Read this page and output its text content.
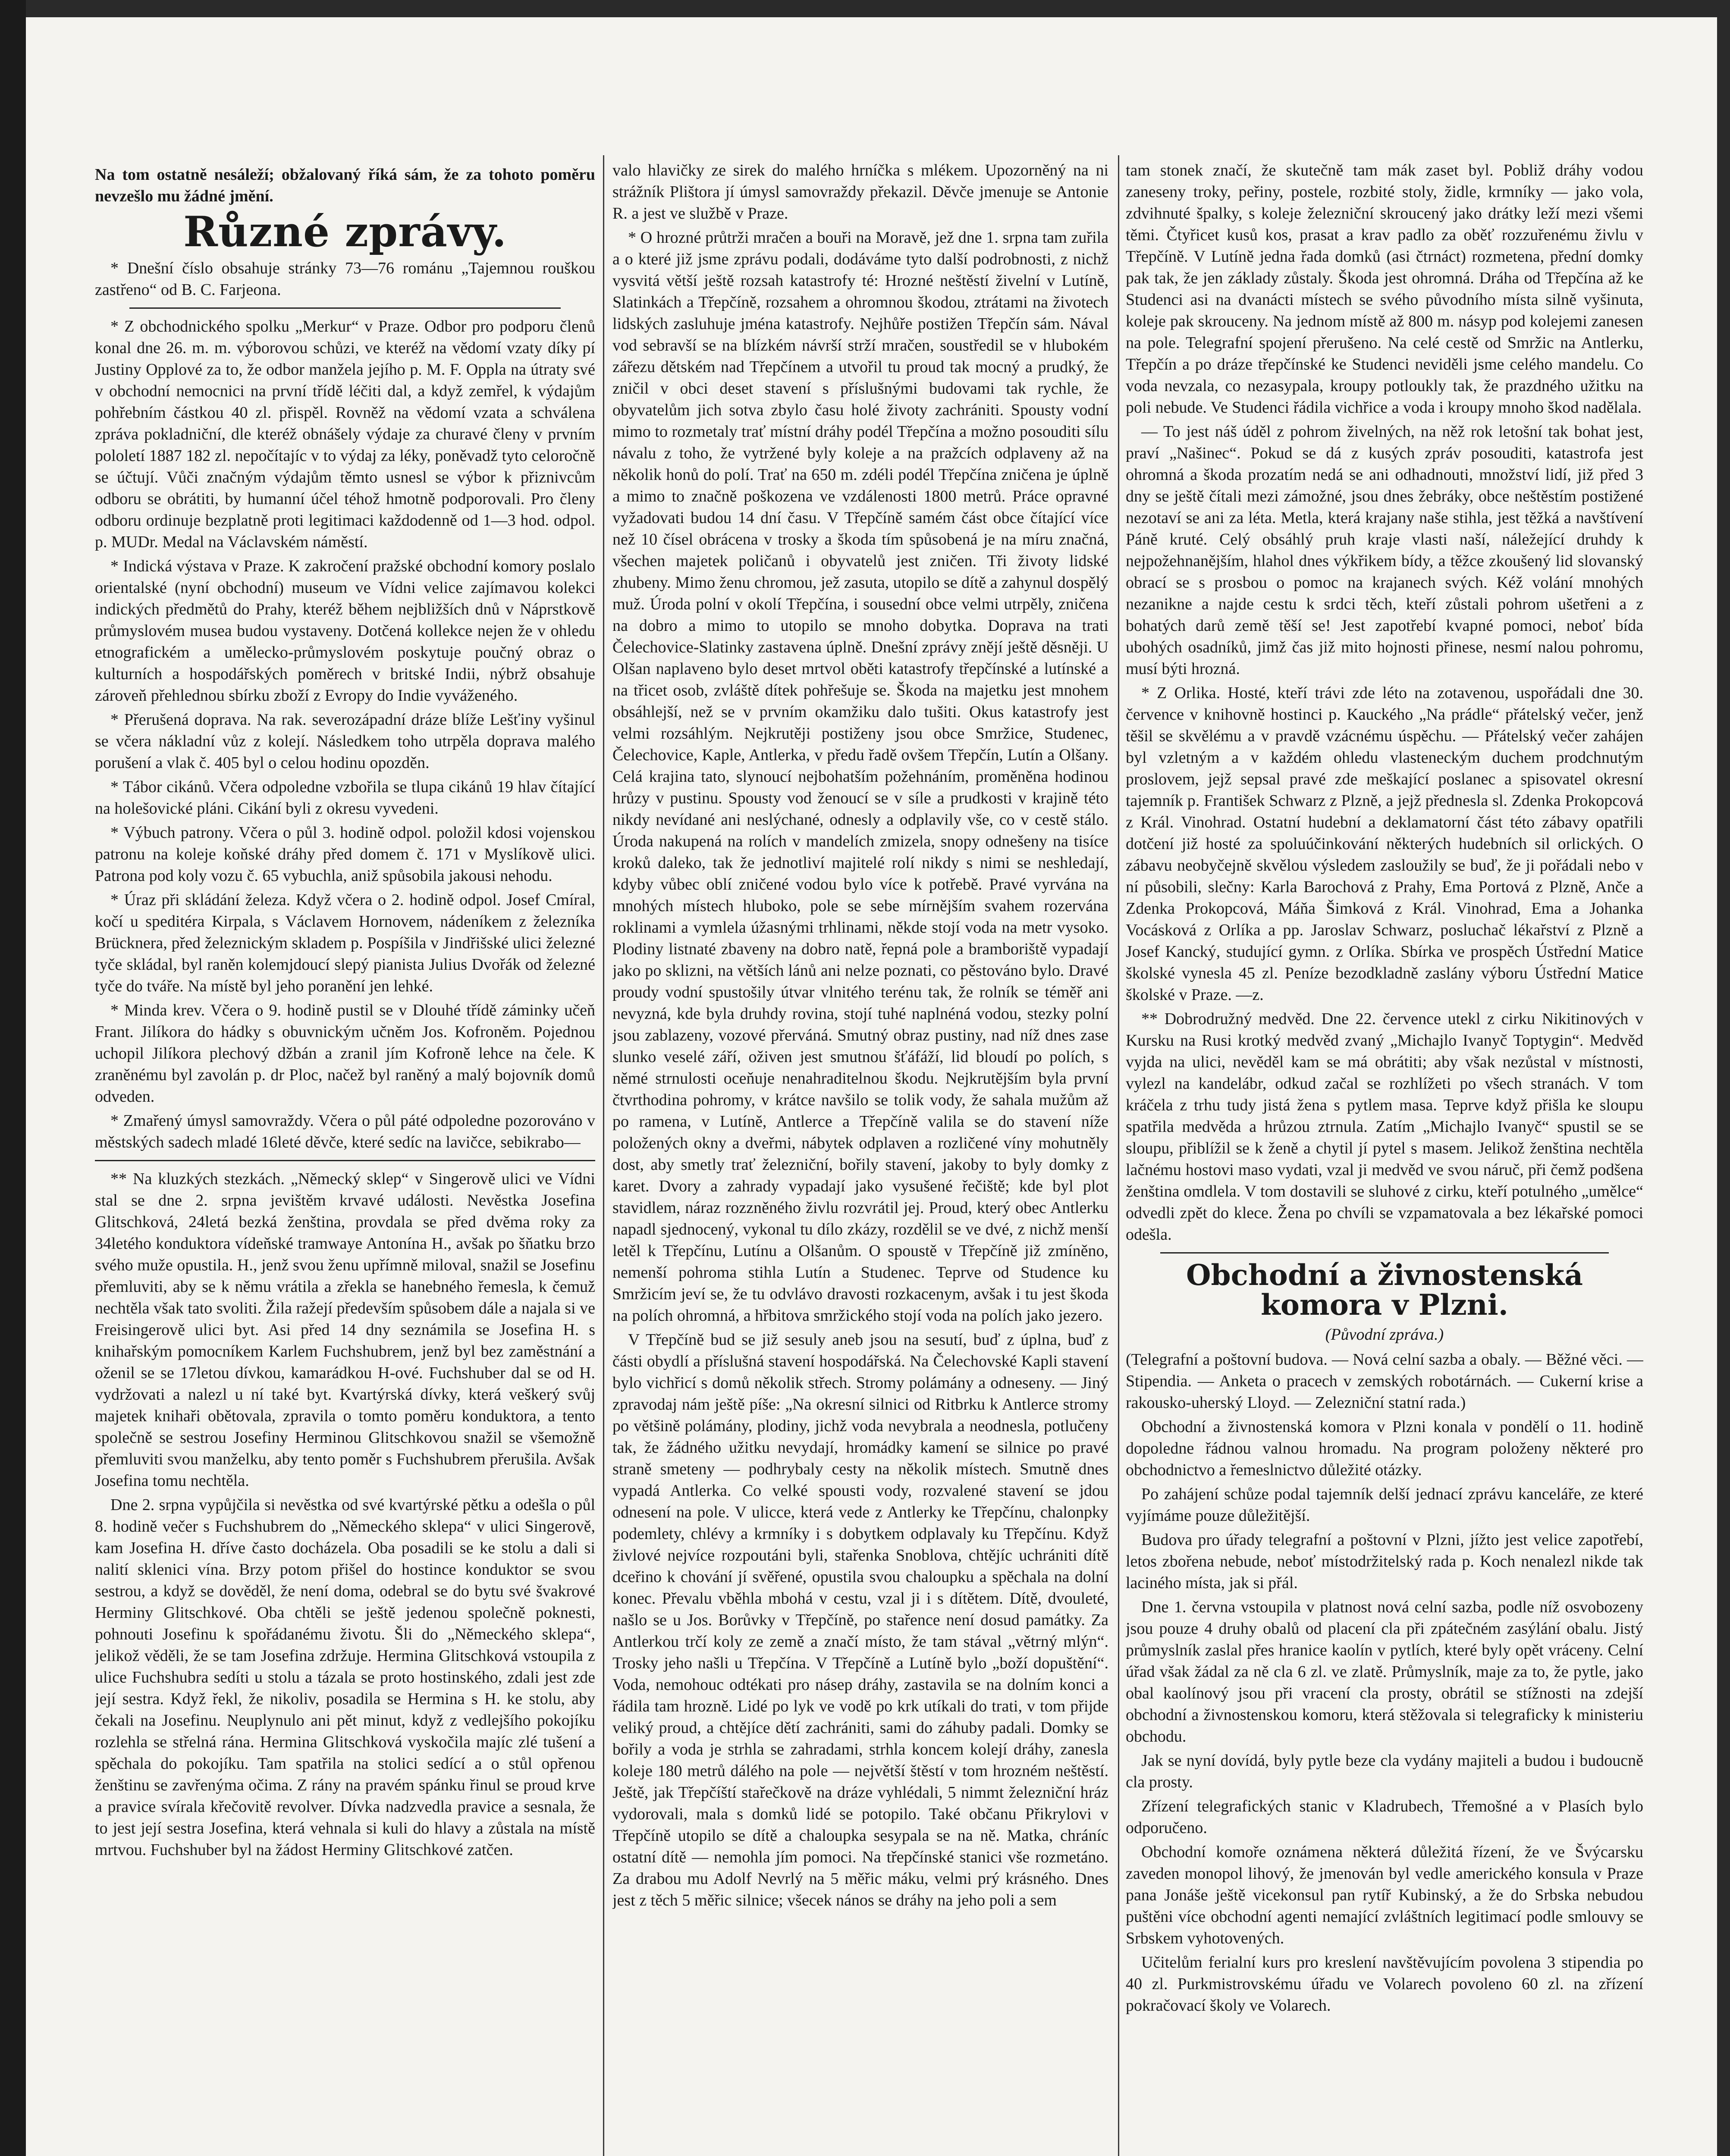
Na tom ostatně nesáleží; obžalovaný říká sám, že za tohoto poměru nevzešlo mu žádné jmění.

Různé zprávy.

* Dnešní číslo obsahuje stránky 73—76 románu „Tajemnou rouškou zastřeno“ od B. C. Farjeona.

* Z obchodnického spolku „Merkur“ v Praze. Odbor pro podporu členů konal dne 26. m. m. výborovou schůzi, ve kteréž na vědomí vzaty díky pí Justiny Opplové za to, že odbor manžela jejího p. M. F. Oppla na útraty své v obchodní nemocnici na první třídě léčiti dal, a když zemřel, k výdajům pohřebním částkou 40 zl. přispěl. Rovněž na vědomí vzata a schválena zpráva pokladniční, dle kteréž obnášely výdaje za churavé členy v prvním pololetí 1887 182 zl. nepočítajíc v to výdaj za léky, poněvadž tyto celoročně se účtují. Vůči značným výdajům těmto usnesl se výbor k přiznivcům odboru se obrátiti, by humanní účel téhož hmotně podporovali. Pro členy odboru ordinuje bezplatně proti legitimaci každodenně od 1—3 hod. odpol. p. MUDr. Medal na Václavském náměstí.

* Indická výstava v Praze. K zakročení pražské obchodní komory poslalo orientalské (nyní obchodní) museum ve Vídni velice zajímavou kolekci indických předmětů do Prahy, kteréž během nejbližších dnů v Náprstkově průmyslovém musea budou vystaveny. Dotčená kollekce nejen že v ohledu etnografickém a umělecko-průmyslovém poskytuje poučný obraz o kulturních a hospodářských poměrech v britské Indii, nýbrž obsahuje zároveň přehlednou sbírku zboží z Evropy do Indie vyváženého.

* Přerušená doprava. Na rak. severozápadní dráze blíže Lešťiny vyšinul se včera nákladní vůz z kolejí. Následkem toho utrpěla doprava malého porušení a vlak č. 405 byl o celou hodinu opozděn.

* Tábor cikánů. Včera odpoledne vzbořila se tlupa cikánů 19 hlav čítající na holešovické pláni. Cikání byli z okresu vyvedeni.

* Výbuch patrony. Včera o půl 3. hodině odpol. položil kdosi vojenskou patronu na koleje koňské dráhy před domem č. 171 v Myslíkově ulici. Patrona pod koly vozu č. 65 vybuchla, aniž spůsobila jakousi nehodu.

* Úraz při skládání železa. Když včera o 2. hodině odpol. Josef Cmíral, kočí u speditéra Kirpala, s Václavem Hornovem, nádeníkem z železníka Brücknera, před železnickým skladem p. Pospíšila v Jindřišské ulici železné tyče skládal, byl raněn kolemjdoucí slepý pianista Julius Dvořák od železné tyče do tváře. Na místě byl jeho poranění jen lehké.

* Minda krev. Včera o 9. hodině pustil se v Dlouhé třídě záminky učeň Frant. Jilíkora do hádky s obuvnickým učněm Jos. Kofroněm. Pojednou uchopil Jilíkora plechový džbán a zranil jím Kofroně lehce na čele. K zraněnému byl zavolán p. dr Ploc, načež byl raněný a malý bojovník domů odveden.

* Zmařený úmysl samovraždy. Včera o půl páté odpoledne pozorováno v městských sadech mladé 16leté děvče, které sedíc na lavičce, sebikrabo—

** Na kluzkých stezkách. „Německý sklep“ v Singerově ulici ve Vídni stal se dne 2. srpna jevištěm krvavé události. Nevěstka Josefina Glitschková, 24letá bezká ženština, provdala se před dvěma roky za 34letého konduktora vídeňské tramwaye Antonína H., avšak po šňatku brzo svého muže opustila. H., jenž svou ženu upřímně miloval, snažil se Josefinu přemluviti, aby se k němu vrátila a zřekla se hanebného řemesla, k čemuž nechtěla však tato svoliti. Žila ražejí především spůsobem dále a najala si ve Freisingerově ulici byt. Asi před 14 dny seznámila se Josefina H. s knihařským pomocníkem Karlem Fuchshubrem, jenž byl bez zaměstnání a oženil se se 17letou dívkou, kamarádkou H-ové. Fuchshuber dal se od H. vydržovati a nalezl u ní také byt. Kvartýrská dívky, která veškerý svůj majetek knihaři obětovala, zpravila o tomto poměru konduktora, a tento společně se sestrou Josefiny Herminou Glitschkovou snažil se všemožně přemluviti svou manželku, aby tento poměr s Fuchshubrem přerušila. Avšak Josefina tomu nechtěla.

Dne 2. srpna vypůjčila si nevěstka od své kvartýrské pětku a odešla o půl 8. hodině večer s Fuchshubrem do „Německého sklepa“ v ulici Singerově, kam Josefina H. dříve často docházela. Oba posadili se ke stolu a dali si nalití sklenici vína. Brzy potom přišel do hostince konduktor se svou sestrou, a když se dověděl, že není doma, odebral se do bytu své švakrové Herminy Glitschkové. Oba chtěli se ještě jedenou společně poknesti, pohnouti Josefinu k spořádanému životu. Šli do „Německého sklepa“, jelikož věděli, že se tam Josefina zdržuje. Hermina Glitschková vstoupila z ulice Fuchshubra sedíti u stolu a tázala se proto hostinského, zdali jest zde její sestra. Když řekl, že nikoliv, posadila se Hermina s H. ke stolu, aby čekali na Josefinu. Neuplynulo ani pět minut, když z vedlejšího pokojíku rozlehla se střelná rána. Hermina Glitschková vyskočila majíc zlé tušení a spěchala do pokojíku. Tam spatřila na stolici sedící a o stůl opřenou ženštinu se zavřenýma očima. Z rány na pravém spánku řinul se proud krve a pravice svírala křečovitě revolver. Dívka nadzvedla pravice a sesnala, že to jest její sestra Josefina, která vehnala si kuli do hlavy a zůstala na místě mrtvou. Fuchshuber byl na žádost Herminy Glitschkové zatčen.

valo hlavičky ze sirek do malého hrníčka s mlékem. Upozorněný na ni strážník Plištora jí úmysl samovraždy překazil. Děvče jmenuje se Antonie R. a jest ve službě v Praze.

* O hrozné průtrži mračen a bouři na Moravě, jež dne 1. srpna tam zuřila a o které již jsme zprávu podali, dodáváme tyto další podrobnosti, z nichž vysvitá větší ještě rozsah katastrofy té: Hrozné neštěstí živelní v Lutíně, Slatinkách a Třepčíně, rozsahem a ohromnou škodou, ztrátami na životech lidských zasluhuje jména katastrofy. Nejhůře postižen Třepčín sám. Nával vod sebravší se na blízkém návrší strží mračen, soustředil se v hlubokém zářezu dětském nad Třepčínem a utvořil tu proud tak mocný a prudký, že zničil v obci deset stavení s příslušnými budovami tak rychle, že obyvatelům jich sotva zbylo času holé životy zachrániti. Spousty vodní mimo to rozmetaly trať místní dráhy podél Třepčína a možno posouditi sílu návalu z toho, že vytržené byly koleje a na pražcích odplaveny až na několik honů do polí. Trať na 650 m. zdéli podél Třepčína zničena je úplně a mimo to značně poškozena ve vzdálenosti 1800 metrů. Práce opravné vyžadovati budou 14 dní času. V Třepčíně samém část obce čítající více než 10 čísel obrácena v trosky a škoda tím spůsobená je na míru značná, všechen majetek poličanů i obyvatelů jest zničen. Tři životy lidské zhubeny. Mimo ženu chromou, jež zasuta, utopilo se dítě a zahynul dospělý muž. Úroda polní v okolí Třepčína, i sousední obce velmi utrpěly, zničena na dobro a mimo to utopilo se mnoho dobytka. Doprava na trati Čelechovice-Slatinky zastavena úplně. Dnešní zprávy znějí ještě děsněji. U Olšan naplaveno bylo deset mrtvol oběti katastrofy třepčínské a lutínské a na třicet osob, zvláště dítek pohřešuje se. Škoda na majetku jest mnohem obsáhlejší, než se v prvním okamžiku dalo tušiti. Okus katastrofy jest velmi rozsáhlým. Nejkrutěji postiženy jsou obce Smržice, Studenec, Čelechovice, Kaple, Antlerka, v předu řadě ovšem Třepčín, Lutín a Olšany. Celá krajina tato, slynoucí nejbohatším požehnáním, proměněna hodinou hrůzy v pustinu. Spousty vod ženoucí se v síle a prudkosti v krajině této nikdy nevídané ani neslýchané, odnesly a odplavily vše, co v cestě stálo. Úroda nakupená na rolích v mandelích zmizela, snopy odnešeny na tisíce kroků daleko, tak že jednotliví majitelé rolí nikdy s nimi se neshledají, kdyby vůbec oblí zničené vodou bylo více k potřebě. Pravé vyrvána na mnohých místech hluboko, pole se sebe mírnějším svahem rozervána roklinami a vymlela úžasnými trhlinami, někde stojí voda na metr vysoko. Plodiny listnaté zbaveny na dobro natě, řepná pole a bramboriště vypadají jako po sklizni, na větších lánů ani nelze poznati, co pěstováno bylo. Dravé proudy vodní spustošily útvar vlnitého terénu tak, že rolník se téměř ani nevyzná, kde byla druhdy rovina, stojí tuhé naplnéná vodou, stezky polní jsou zablazeny, vozové přerváná. Smutný obraz pustiny, nad níž dnes zase slunko veselé září, oživen jest smutnou šťáfáží, lid bloudí po polích, s němé strnulosti oceňuje nenahraditelnou škodu. Nejkrutějším byla první čtvrthodina pohromy, v krátce navšilo se tolik vody, že sahala mužům až po ramena, v Lutíně, Antlerce a Třepčíně valila se do stavení níže položených okny a dveřmi, nábytek odplaven a rozličené víny mohutněly dost, aby smetly trať železniční, bořily stavení, jakoby to byly domky z karet. Dvory a zahrady vypadají jako vysušené řečiště; kde byl plot stavidlem, náraz rozzněného živlu rozvrátil jej. Proud, který obec Antlerku napadl sjednocený, vykonal tu dílo zkázy, rozdělil se ve dvé, z nichž menší letěl k Třepčínu, Lutínu a Olšanům. O spoustě v Třepčíně již zmíněno, nemenší pohroma stihla Lutín a Studenec. Teprve od Studence ku Smržicím jeví se, že tu odvlávo dravosti rozkacenym, avšak i tu jest škoda na polích ohromná, a hřbitova smržického stojí voda na polích jako jezero.

V Třepčíně bud se již sesuly aneb jsou na sesutí, buď z úplna, buď z části obydlí a příslušná stavení hospodářská. Na Čelechovské Kapli stavení bylo vichřicí s domů několik střech. Stromy polámány a odneseny. — Jiný zpravodaj nám ještě píše: „Na okresní silnici od Ritbrku k Antlerce stromy po většině polámány, plodiny, jichž voda nevybrala a neodnesla, potlučeny tak, že žádného užitku nevydají, hromádky kamení se silnice po pravé straně smeteny — podhrybaly cesty na několik místech. Smutně dnes vypadá Antlerka. Co velké spousti vody, rozvalené stavení se jdou odnesení na pole. V ulicce, která vede z Antlerky ke Třepčínu, chalonpky podemlety, chlévy a krmníky i s dobytkem odplavaly ku Třepčínu. Když živlové nejvíce rozpoutáni byli, stařenka Snoblova, chtějíc uchrániti dítě dceřino k chování jí svěřené, opustila svou chaloupku a spěchala na dolní konec. Převalu vběhla mbohá v cestu, vzal ji i s dítětem. Dítě, dvouleté, našlo se u Jos. Borůvky v Třepčíně, po stařence není dosud památky. Za Antlerkou trčí koly ze země a značí místo, že tam stával „větrný mlýn“. Trosky jeho našli u Třepčína. V Třepčíně a Lutíně bylo „boží dopuštění“. Voda, nemohouc odtékati pro násep dráhy, zastavila se na dolním konci a řádila tam hrozně. Lidé po lyk ve vodě po krk utíkali do trati, v tom přijde veliký proud, a chtějíce dětí zachrániti, sami do záhuby padali. Domky se bořily a voda je strhla se zahradami, strhla koncem kolejí dráhy, zanesla koleje 180 metrů dálého na pole — největší štěstí v tom hrozném neštěstí. Ještě, jak Třepčíští stařečkově na dráze vyhlédali, 5 nimmt železniční hráz vydorovali, mala s domků lidé se potopilo. Také občanu Přikrylovi v Třepčíně utopilo se dítě a chaloupka sesypala se na ně. Matka, chráníc ostatní dítě — nemohla jím pomoci. Na třepčínské stanici vše rozmetáno. Za drabou mu Adolf Nevrlý na 5 měřic máku, velmi prý krásného. Dnes jest z těch 5 měřic silnice; všecek nános se dráhy na jeho poli a sem

tam stonek značí, že skutečně tam mák zaset byl. Pobliž dráhy vodou zaneseny troky, peřiny, postele, rozbité stoly, židle, krmníky — jako vola, zdvihnuté špalky, s koleje železniční skroucený jako drátky leží mezi všemi těmi. Čtyřicet kusů kos, prasat a krav padlo za oběť rozzuřenému živlu v Třepčíně. V Lutíně jedna řada domků (asi čtrnáct) rozmetena, přední domky pak tak, že jen základy zůstaly. Škoda jest ohromná. Dráha od Třepčína až ke Studenci asi na dvanácti místech se svého původního místa silně vyšinuta, koleje pak skrouceny. Na jednom místě až 800 m. násyp pod kolejemi zanesen na pole. Telegrafní spojení přerušeno. Na celé cestě od Smržic na Antlerku, Třepčín a po dráze třepčínské ke Studenci neviděli jsme celého mandelu. Co voda nevzala, co nezasypala, kroupy potloukly tak, že prazdného užitku na poli nebude. Ve Studenci řádila vichřice a voda i kroupy mnoho škod nadělala.

— To jest náš úděl z pohrom živelných, na něž rok letošní tak bohat jest, praví „Našinec“. Pokud se dá z kusých zpráv posouditi, katastrofa jest ohromná a škoda prozatím nedá se ani odhadnouti, množství lidí, již před 3 dny se ještě čítali mezi zámožné, jsou dnes žebráky, obce neštěstím postižené nezotaví se ani za léta. Metla, která krajany naše stihla, jest těžká a navštívení Páně kruté. Celý obsáhlý pruh kraje vlasti naší, náležející druhdy k nejpožehnanějším, hlahol dnes výkřikem bídy, a těžce zkoušený lid slovanský obrací se s prosbou o pomoc na krajanech svých. Kéž volání mnohých nezanikne a najde cestu k srdci těch, kteří zůstali pohrom ušetřeni a z bohatých darů země těší se! Jest zapotřebí kvapné pomoci, neboť bída ubohých osadníků, jimž čas již mito hojnosti přinese, nesmí nalou pohromu, musí býti hrozná.

* Z Orlika. Hosté, kteří trávi zde léto na zotavenou, uspořádali dne 30. července v knihovně hostinci p. Kauckého „Na prádle“ přátelský večer, jenž těšil se skvělému a v pravdě vzácnému úspěchu. — Přátelský večer zahájen byl vzletným a v každém ohledu vlasteneckým duchem prodchnutým proslovem, jejž sepsal pravé zde meškající poslanec a spisovatel okresní tajemník p. František Schwarz z Plzně, a jejž přednesla sl. Zdenka Prokopcová z Král. Vinohrad. Ostatní hudební a deklamatorní část této zábavy opatřili dotčení již hosté za spoluúčinkování některých hudebních sil orlických. O zábavu neobyčejně skvělou výsledem zasloužily se buď, že ji pořádali nebo v ní působili, slečny: Karla Barochová z Prahy, Ema Portová z Plzně, Anče a Zdenka Prokopcová, Máňa Šimková z Král. Vinohrad, Ema a Johanka Vocásková z Orlíka a pp. Jaroslav Schwarz, posluchač lékařství z Plzně a Josef Kancký, studující gymn. z Orlíka. Sbírka ve prospěch Ústřední Matice školské vynesla 45 zl. Peníze bezodkladně zaslány výboru Ústřední Matice školské v Praze. —z.

** Dobrodružný medvěd. Dne 22. července utekl z cirku Nikitinových v Kursku na Rusi krotký medvěd zvaný „Michajlo Ivanyč Toptygin“. Medvěd vyjda na ulici, nevěděl kam se má obrátiti; aby však nezůstal v místnosti, vylezl na kandelábr, odkud začal se rozhlížeti po všech stranách. V tom kráčela z trhu tudy jistá žena s pytlem masa. Teprve když přišla ke sloupu spatřila medvěda a hrůzou ztrnula. Zatím „Michajlo Ivanyč“ spustil se se sloupu, přiblížil se k ženě a chytil jí pytel s masem. Jelikož ženština nechtěla lačnému hostovi maso vydati, vzal ji medvěd ve svou náruč, při čemž podšena ženština omdlela. V tom dostavili se sluhové z cirku, kteří potulného „umělce“ odvedli zpět do klece. Žena po chvíli se vzpamatovala a bez lékařské pomoci odešla.

Obchodní a živnostenská komora v Plzni.
(Původní zpráva.)

(Telegrafní a poštovní budova. — Nová celní sazba a obaly. — Běžné věci. — Stipendia. — Anketa o pracech v zemských robotárnách. — Cukerní krise a rakousko-uherský Lloyd. — Zelezniční statní rada.)

Obchodní a živnostenská komora v Plzni konala v pondělí o 11. hodině dopoledne řádnou valnou hromadu. Na program položeny některé pro obchodnictvo a řemeslnictvo důležité otázky.

Po zahájení schůze podal tajemník delší jednací zprávu kanceláře, ze které vyjímáme pouze důležitější.

Budova pro úřady telegrafní a poštovní v Plzni, jížto jest velice zapotřebí, letos zbořena nebude, neboť místodržitelský rada p. Koch nenalezl nikde tak laciného místa, jak si přál.

Dne 1. června vstoupila v platnost nová celní sazba, podle níž osvobozeny jsou pouze 4 druhy obalů od placení cla při zpátečném zasýlání obalu. Jistý průmyslník zaslal přes hranice kaolín v pytlích, které byly opět vráceny. Celní úřad však žádal za ně cla 6 zl. ve zlatě. Průmyslník, maje za to, že pytle, jako obal kaolínový jsou při vracení cla prosty, obrátil se stížnosti na zdejší obchodní a živnostenskou komoru, která stěžovala si telegraficky k ministeriu obchodu.

Jak se nyní dovídá, byly pytle beze cla vydány majiteli a budou i budoucně cla prosty.

Zřízení telegrafických stanic v Kladrubech, Třemošné a v Plasích bylo odporučeno.

Obchodní komoře oznámena některá důležitá řízení, že ve Švýcarsku zaveden monopol lihový, že jmenován byl vedle amerického konsula v Praze pana Jonáše ještě vicekonsul pan rytíř Kubinský, a že do Srbska nebudou puštěni více obchodní agenti nemající zvláštních legitimací podle smlouvy se Srbskem vyhotovených.

Učitelům ferialní kurs pro kreslení navštěvujícím povolena 3 stipendia po 40 zl. Purkmistrovskému úřadu ve Volarech povoleno 60 zl. na zřízení pokračovací školy ve Volarech.
